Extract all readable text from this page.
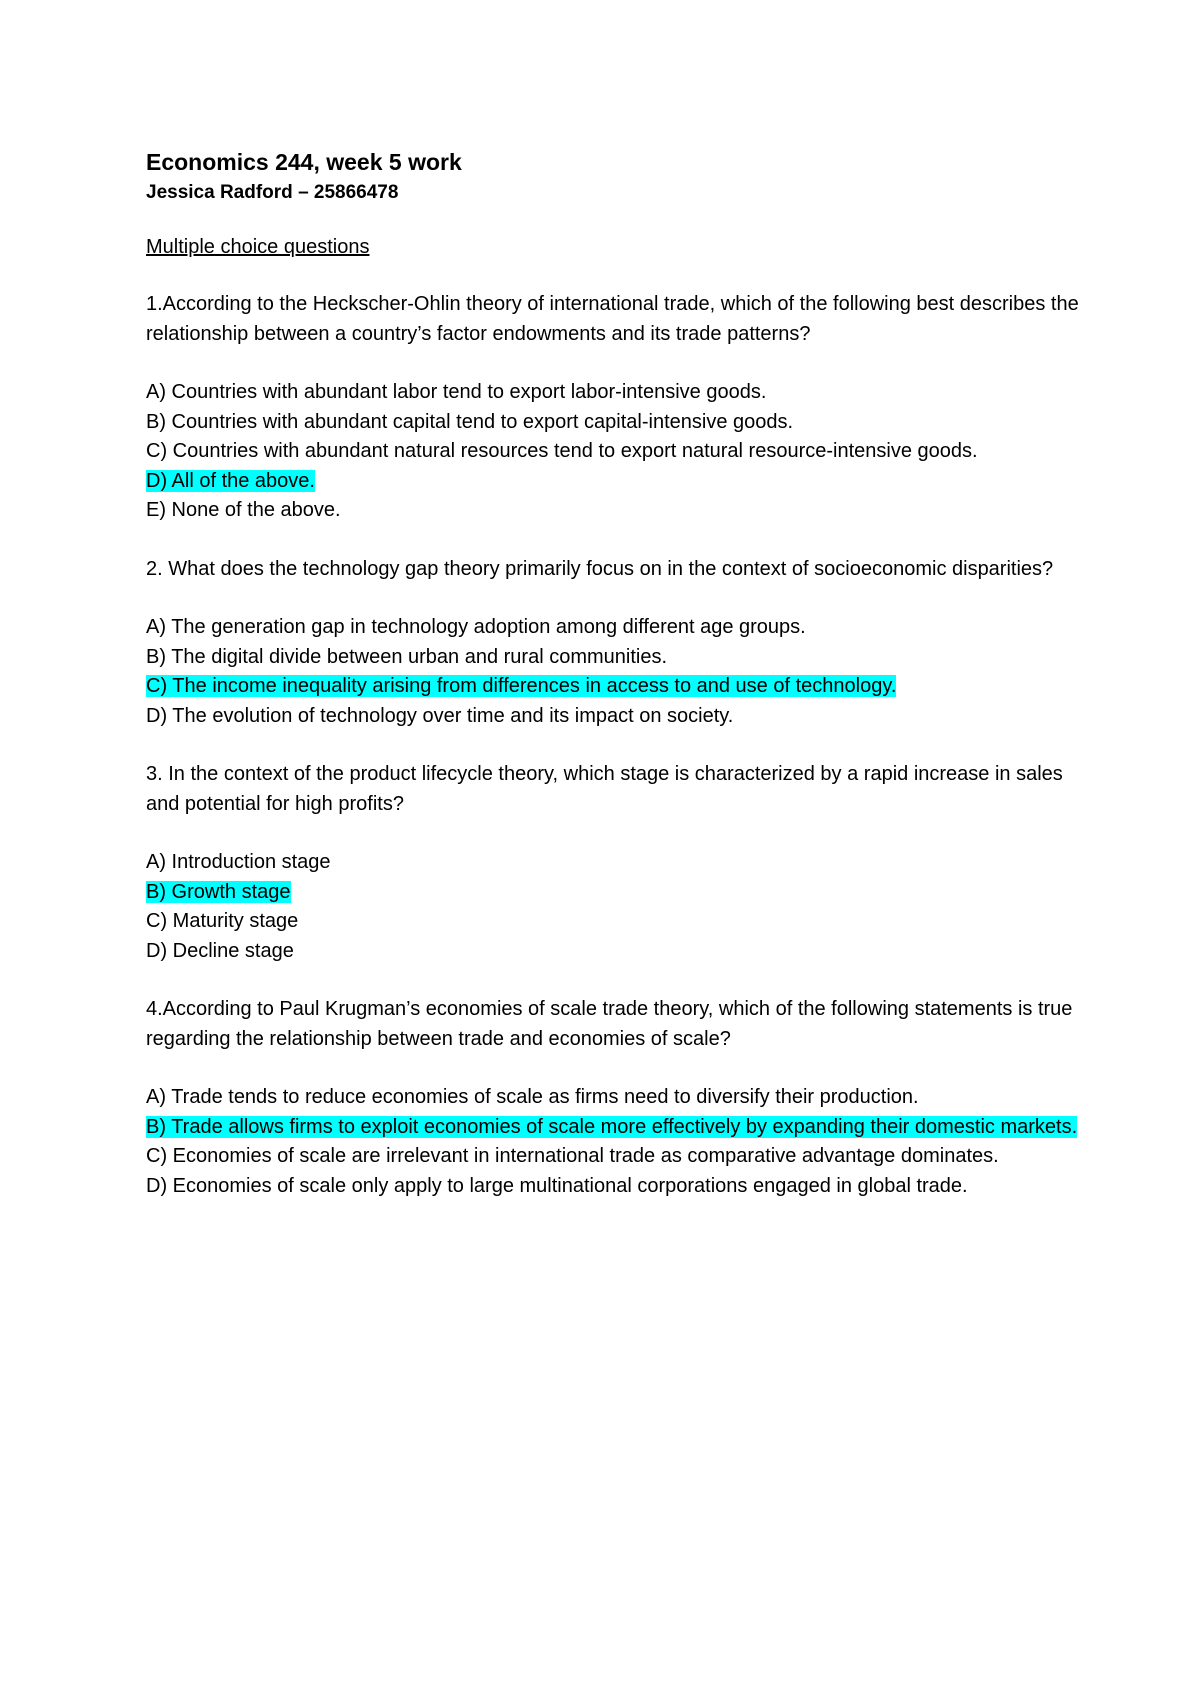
Economics 244, week 5 work

Jessica Radford – 25866478

Multiple choice questions

1.According to the Heckscher-Ohlin theory of international trade, which of the following best describes the relationship between a country’s factor endowments and its trade patterns?

A) Countries with abundant labor tend to export labor-intensive goods.
B) Countries with abundant capital tend to export capital-intensive goods.
C) Countries with abundant natural resources tend to export natural resource-intensive goods.
D) All of the above.
E) None of the above.

2. What does the technology gap theory primarily focus on in the context of socioeconomic disparities?

A) The generation gap in technology adoption among different age groups.
B) The digital divide between urban and rural communities.
C) The income inequality arising from differences in access to and use of technology.
D) The evolution of technology over time and its impact on society.

3. In the context of the product lifecycle theory, which stage is characterized by a rapid increase in sales and potential for high profits?

A) Introduction stage
B) Growth stage
C) Maturity stage
D) Decline stage

4.According to Paul Krugman’s economies of scale trade theory, which of the following statements is true regarding the relationship between trade and economies of scale?

A) Trade tends to reduce economies of scale as firms need to diversify their production.
B) Trade allows firms to exploit economies of scale more effectively by expanding their domestic markets.
C) Economies of scale are irrelevant in international trade as comparative advantage dominates.
D) Economies of scale only apply to large multinational corporations engaged in global trade.
